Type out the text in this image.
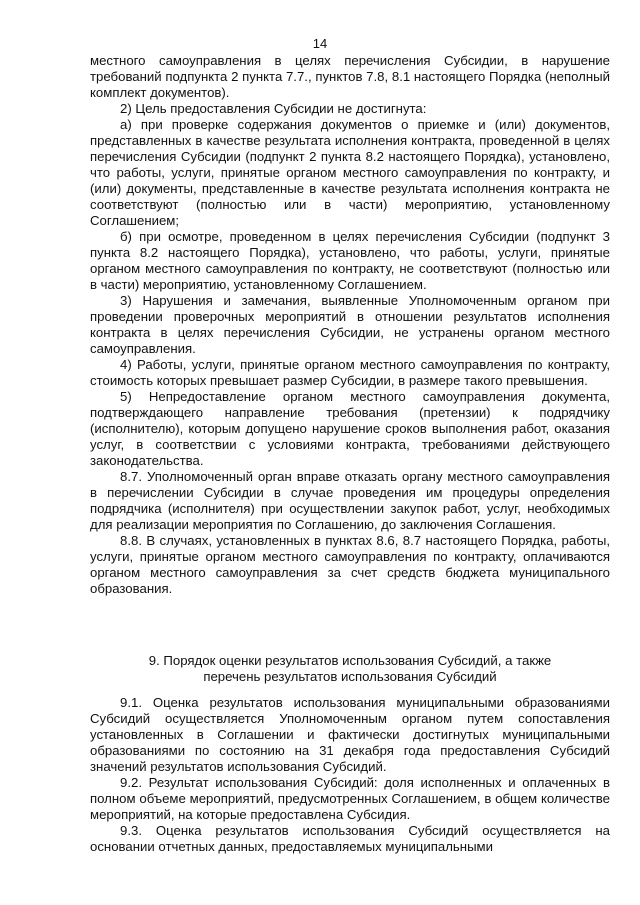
14

местного самоуправления в целях перечисления Субсидии, в нарушение требований подпункта 2 пункта 7.7., пунктов 7.8, 8.1 настоящего Порядка (неполный комплект документов).

2) Цель предоставления Субсидии не достигнута:

а) при проверке содержания документов о приемке и (или) документов, представленных в качестве результата исполнения контракта, проведенной в целях перечисления Субсидии (подпункт 2 пункта 8.2 настоящего Порядка), установлено, что работы, услуги, принятые органом местного самоуправления по контракту, и (или) документы, представленные в качестве результата исполнения контракта не соответствуют (полностью или в части) мероприятию, установленному Соглашением;

б) при осмотре, проведенном в целях перечисления Субсидии (подпункт 3 пункта 8.2 настоящего Порядка), установлено, что работы, услуги, принятые органом местного самоуправления по контракту, не соответствуют (полностью или в части) мероприятию, установленному Соглашением.

3) Нарушения и замечания, выявленные Уполномоченным органом при проведении проверочных мероприятий в отношении результатов исполнения контракта в целях перечисления Субсидии, не устранены органом местного самоуправления.

4) Работы, услуги, принятые органом местного самоуправления по контракту, стоимость которых превышает размер Субсидии, в размере такого превышения.

5) Непредоставление органом местного самоуправления документа, подтверждающего направление требования (претензии) к подрядчику (исполнителю), которым допущено нарушение сроков выполнения работ, оказания услуг, в соответствии с условиями контракта, требованиями действующего законодательства.

8.7. Уполномоченный орган вправе отказать органу местного самоуправления в перечислении Субсидии в случае проведения им процедуры определения подрядчика (исполнителя) при осуществлении закупок работ, услуг, необходимых для реализации мероприятия по Соглашению, до заключения Соглашения.

8.8. В случаях, установленных в пунктах 8.6, 8.7 настоящего Порядка, работы, услуги, принятые органом местного самоуправления по контракту, оплачиваются органом местного самоуправления за счет средств бюджета муниципального образования.

9. Порядок оценки результатов использования Субсидий, а также
перечень результатов использования Субсидий

9.1. Оценка результатов использования муниципальными образованиями Субсидий осуществляется Уполномоченным органом путем сопоставления установленных в Соглашении и фактически достигнутых муниципальными образованиями по состоянию на 31 декабря года предоставления Субсидий значений результатов использования Субсидий.

9.2. Результат использования Субсидий: доля исполненных и оплаченных в полном объеме мероприятий, предусмотренных Соглашением, в общем количестве мероприятий, на которые предоставлена Субсидия.

9.3. Оценка результатов использования Субсидий осуществляется на основании отчетных данных, предоставляемых муниципальными
